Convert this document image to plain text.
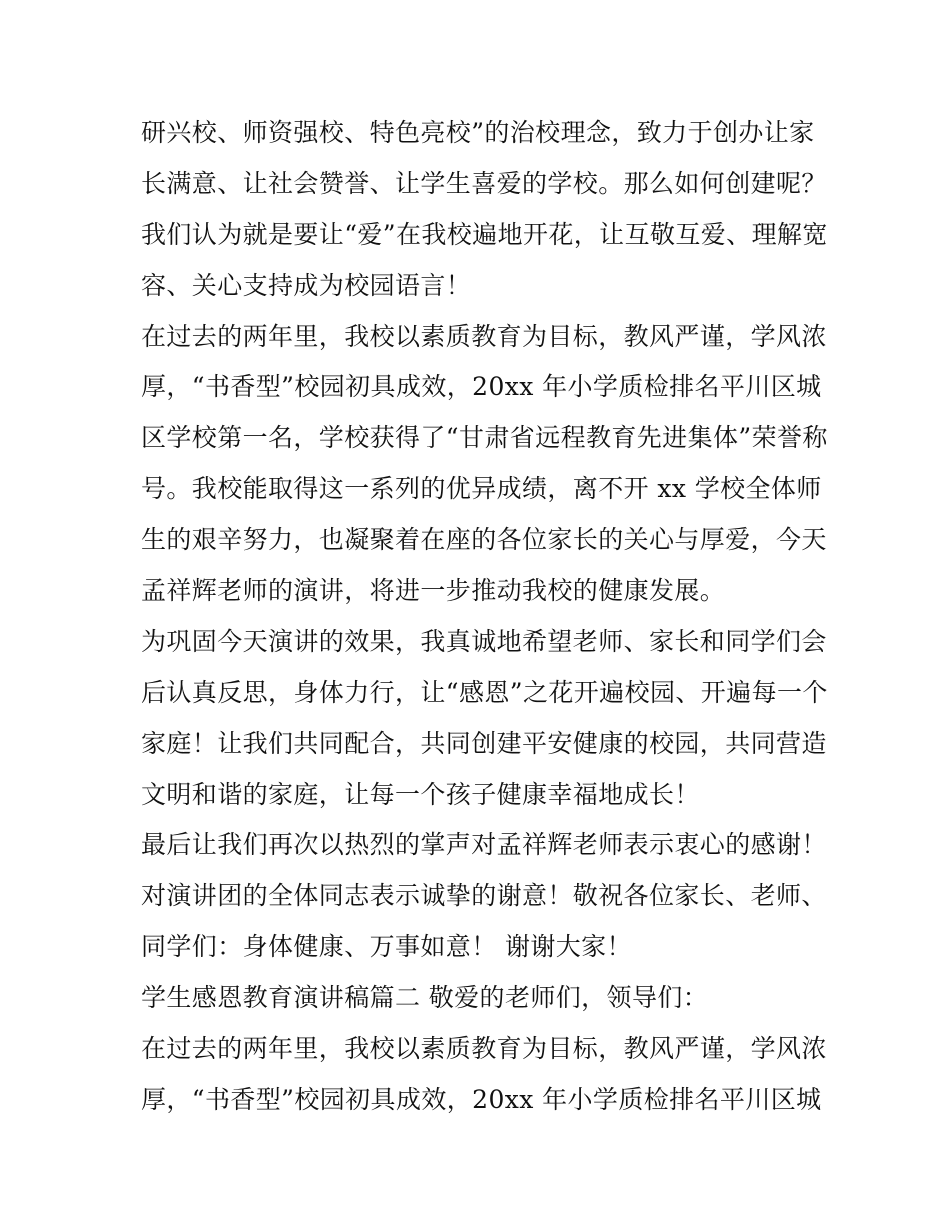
研兴校、师资强校、特色亮校”的治校理念，致力于创办让家
长满意、让社会赞誉、让学生喜爱的学校。那么如何创建呢？
我们认为就是要让“爱”在我校遍地开花，让互敬互爱、理解宽
容、关心支持成为校园语言！
在过去的两年里，我校以素质教育为目标，教风严谨，学风浓
厚，“书香型”校园初具成效，20xx 年小学质检排名平川区城
区学校第一名，学校获得了“甘肃省远程教育先进集体”荣誉称
号。我校能取得这一系列的优异成绩，离不开 xx 学校全体师
生的艰辛努力，也凝聚着在座的各位家长的关心与厚爱，今天
孟祥辉老师的演讲，将进一步推动我校的健康发展。
为巩固今天演讲的效果，我真诚地希望老师、家长和同学们会
后认真反思，身体力行，让“感恩”之花开遍校园、开遍每一个
家庭！让我们共同配合，共同创建平安健康的校园，共同营造
文明和谐的家庭，让每一个孩子健康幸福地成长！
最后让我们再次以热烈的掌声对孟祥辉老师表示衷心的感谢！
对演讲团的全体同志表示诚挚的谢意！敬祝各位家长、老师、
同学们：身体健康、万事如意！ 谢谢大家！
学生感恩教育演讲稿篇二 敬爱的老师们，领导们：
在过去的两年里，我校以素质教育为目标，教风严谨，学风浓
厚，“书香型”校园初具成效，20xx 年小学质检排名平川区城
